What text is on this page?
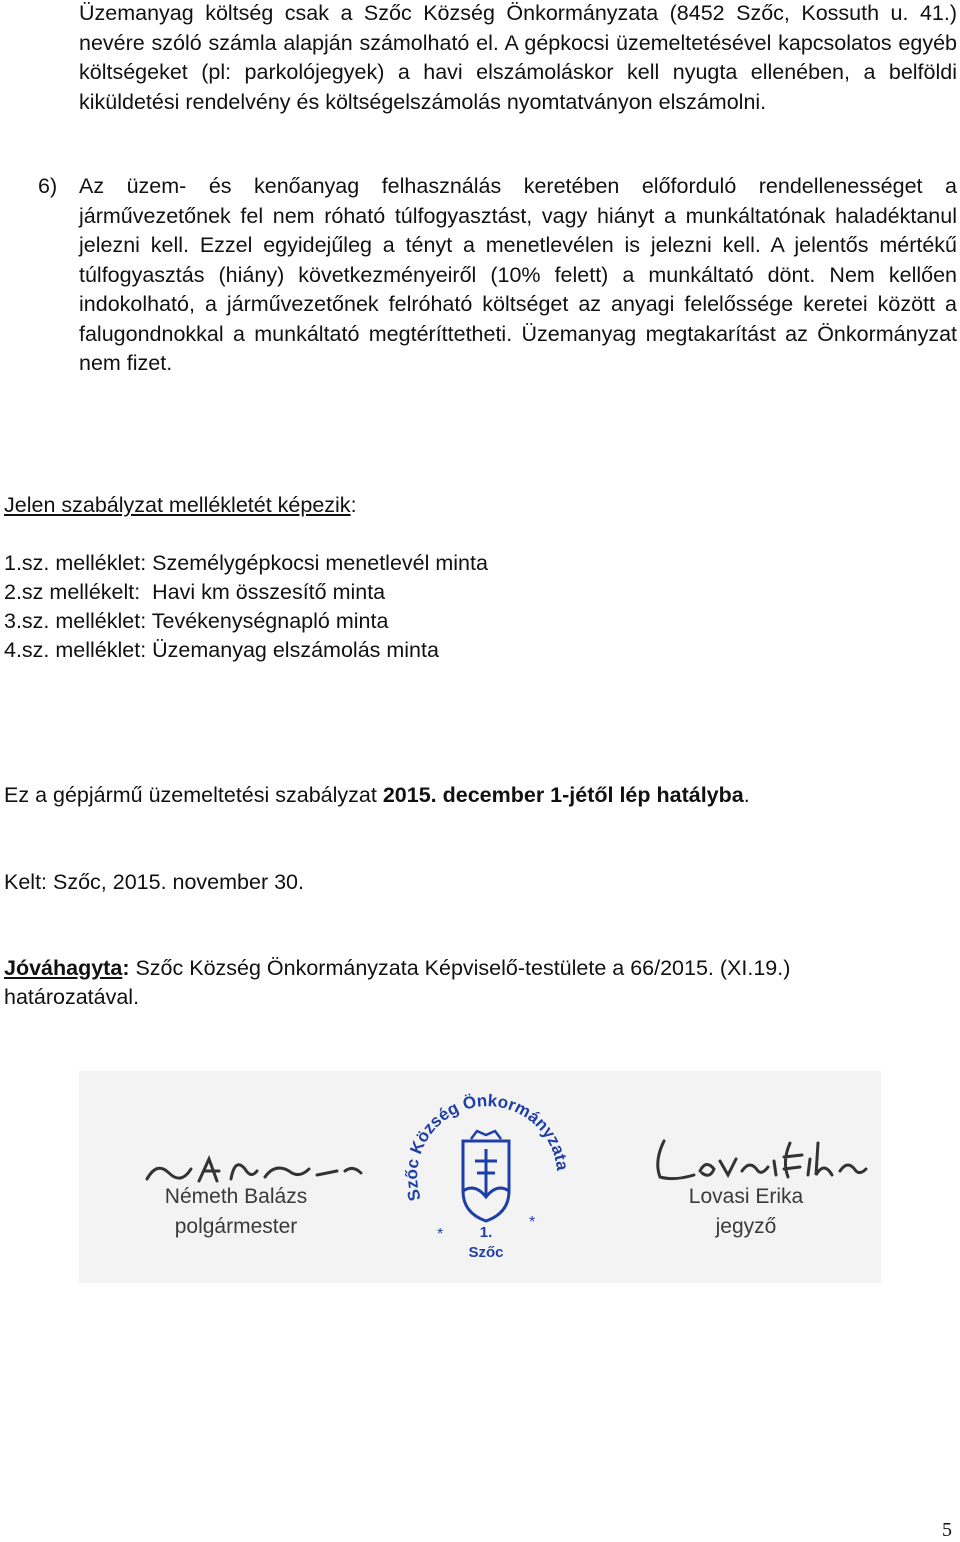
Üzemanyag költség csak a Szőc Község Önkormányzata (8452 Szőc, Kossuth u. 41.) nevére szóló számla alapján számolható el. A gépkocsi üzemeltetésével kapcsolatos egyéb költségeket (pl: parkolójegyek) a havi elszámoláskor kell nyugta ellenében, a belföldi kiküldetési rendelvény és költségelszámolás nyomtatványon elszámolni.
6) Az üzem- és kenőanyag felhasználás keretében előforduló rendellenességet a járművezetőnek fel nem róható túlfogyasztást, vagy hiányt a munkáltatónak haladéktanul jelezni kell. Ezzel egyidejűleg a tényt a menetlevélen is jelezni kell. A jelentős mértékű túlfogyasztás (hiány) következményeiről (10% felett) a munkáltató dönt. Nem kellően indokolható, a járművezetőnek felróható költséget az anyagi felelőssége keretei között a falugondnokkal a munkáltató megtéríttetheti. Üzemanyag megtakarítást az Önkormányzat nem fizet.
Jelen szabályzat mellékletét képezik:
1.sz. melléklet: Személygépkocsi menetlevél minta
2.sz mellékelt:  Havi km összesítő minta
3.sz. melléklet: Tevékenységnapló minta
4.sz. melléklet: Üzemanyag elszámolás minta
Ez a gépjármű üzemeltetési szabályzat 2015. december 1-jétől lép hatályba.
Kelt: Szőc, 2015. november 30.
Jóváhagyta: Szőc Község Önkormányzata Képviselő-testülete a 66/2015. (XI.19.)
határozatával.
Németh Balázs
polgármester
Szőc Község Önkormányzata
*
*
1.
Szőc
Lovasi Erika
jegyző
5
